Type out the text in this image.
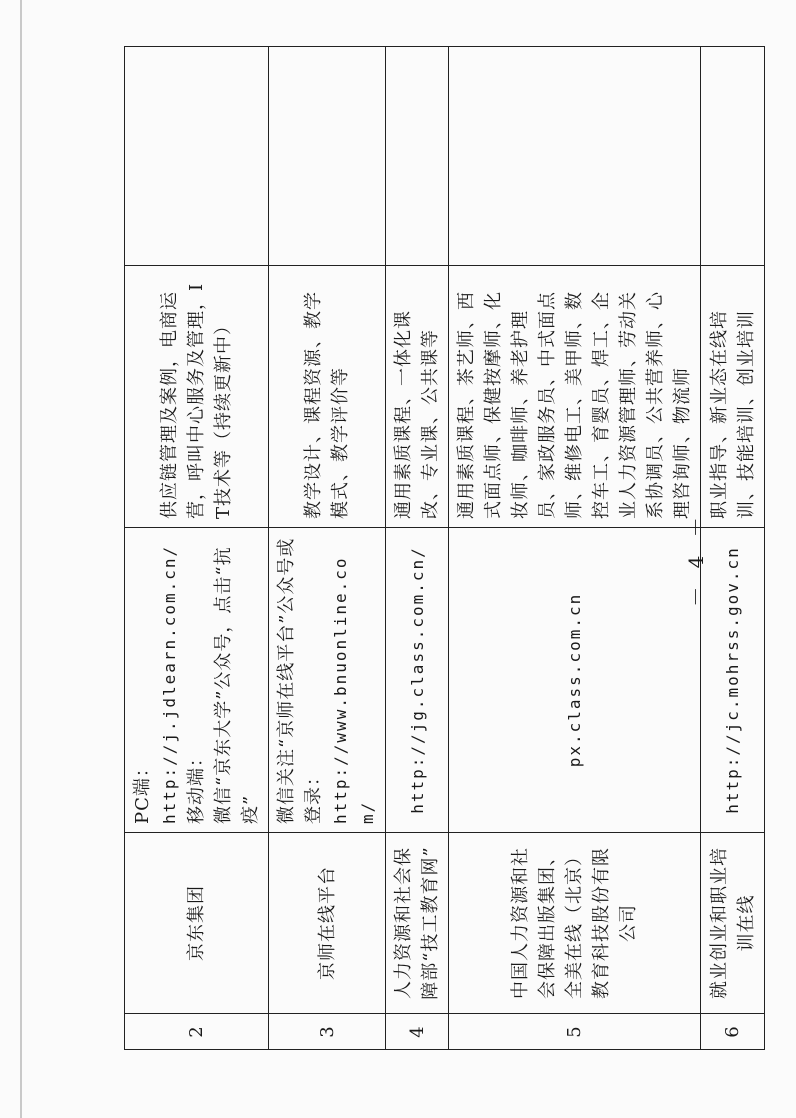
2	京东集团	PC端： http://j.jdlearn.com.cn/ 移动端： 微信“京东大学”公众号，点击“抗疫”	供应链管理及案例，电商运营，呼叫中心服务及管理，IT技术等（持续更新中）	
3	京师在线平台	微信关注“京师在线平台”公众号或登录： http://www.bnuonline.com/	教学设计、课程资源、教学模式、教学评价等	
4	人力资源和社会保障部“技工教育网”	http://jg.class.com.cn/	通用素质课程、一体化课改、专业课、公共课等	
5	中国人力资源和社会保障出版集团、全美在线（北京）教育科技股份有限公司	px.class.com.cn	通用素质课程、茶艺师、西式面点师、保健按摩师、化妆师、咖啡师、养老护理员、家政服务员、中式面点师、维修电工、美甲师、数控车工、育婴员、焊工、企业人力资源管理师、劳动关系协调员、公共营养师、心理咨询师、物流师	
6	就业创业和职业培训在线	http://jc.mohrss.gov.cn	职业指导、新业态在线培训、技能培训、创业培训	
－ 4 －
